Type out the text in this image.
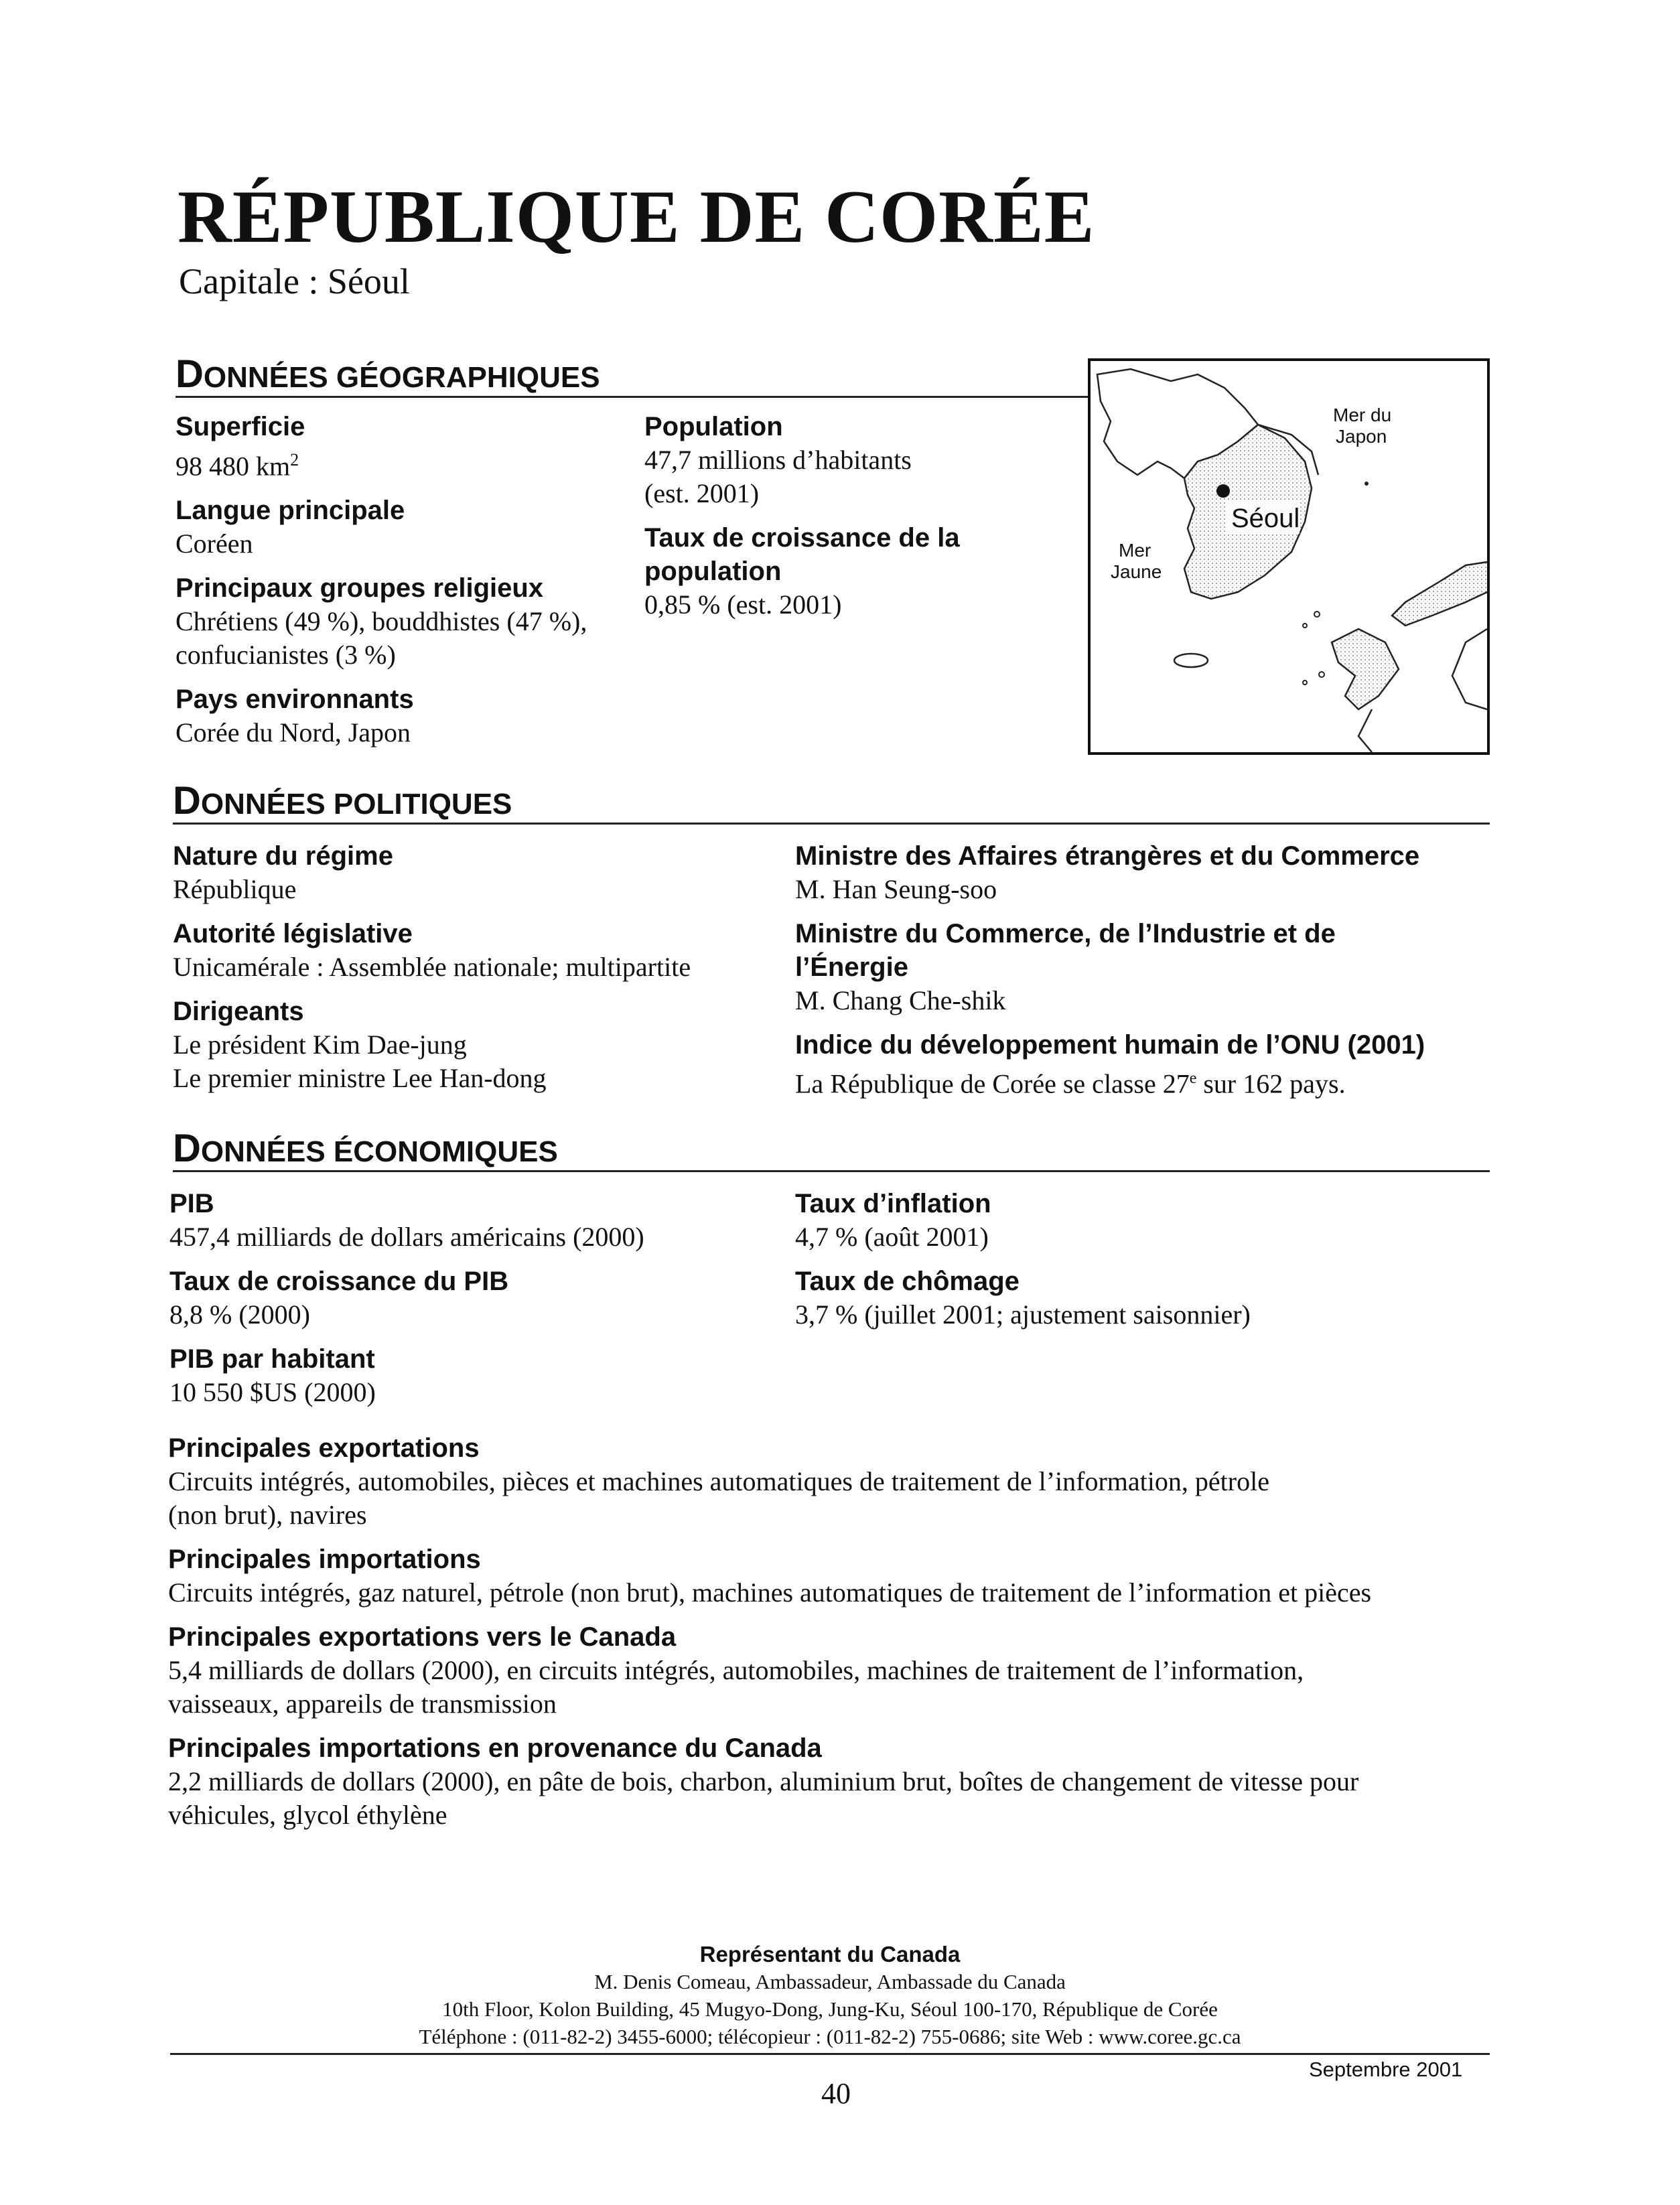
RÉPUBLIQUE DE CORÉE
Capitale : Séoul
DONNÉES GÉOGRAPHIQUES
Superficie
98 480 $km^2$
Langue principale
Coréen
Principaux groupes religieux
Chrétiens (49 %), bouddhistes (47 %),
confucianistes (3 %)
Pays environnants
Corée du Nord, Japon
Population
47,7 millions d’habitants
(est. 2001)
Taux de croissance de la
population
0,85 % (est. 2001)
Séoul
Mer du
Japon
Mer
Jaune
DONNÉES POLITIQUES
Nature du régime
République
Autorité législative
Unicamérale : Assemblée nationale; multipartite
Dirigeants
Le président Kim Dae-jung
Le premier ministre Lee Han-dong
Ministre des Affaires étrangères et du Commerce
M. Han Seung-soo
Ministre du Commerce, de l’Industrie et de
l’Énergie
M. Chang Che-shik
Indice du développement humain de l’ONU (2001)
La République de Corée se classe 27e sur 162 pays.
DONNÉES ÉCONOMIQUES
PIB
457,4 milliards de dollars américains (2000)
Taux de croissance du PIB
8,8 % (2000)
PIB par habitant
10 550 $US (2000)
Taux d’inflation
4,7 % (août 2001)
Taux de chômage
3,7 % (juillet 2001; ajustement saisonnier)
Principales exportations
Circuits intégrés, automobiles, pièces et machines automatiques de traitement de l’information, pétrole
(non brut), navires
Principales importations
Circuits intégrés, gaz naturel, pétrole (non brut), machines automatiques de traitement de l’information et pièces
Principales exportations vers le Canada
5,4 milliards de dollars (2000), en circuits intégrés, automobiles, machines de traitement de l’information,
vaisseaux, appareils de transmission
Principales importations en provenance du Canada
2,2 milliards de dollars (2000), en pâte de bois, charbon, aluminium brut, boîtes de changement de vitesse pour
véhicules, glycol éthylène
Représentant du Canada
M. Denis Comeau, Ambassadeur, Ambassade du Canada
10th Floor, Kolon Building, 45 Mugyo-Dong, Jung-Ku, Séoul 100-170, République de Corée
Téléphone : (011-82-2) 3455-6000; télécopieur : (011-82-2) 755-0686; site Web : www.coree.gc.ca
Septembre 2001
40
